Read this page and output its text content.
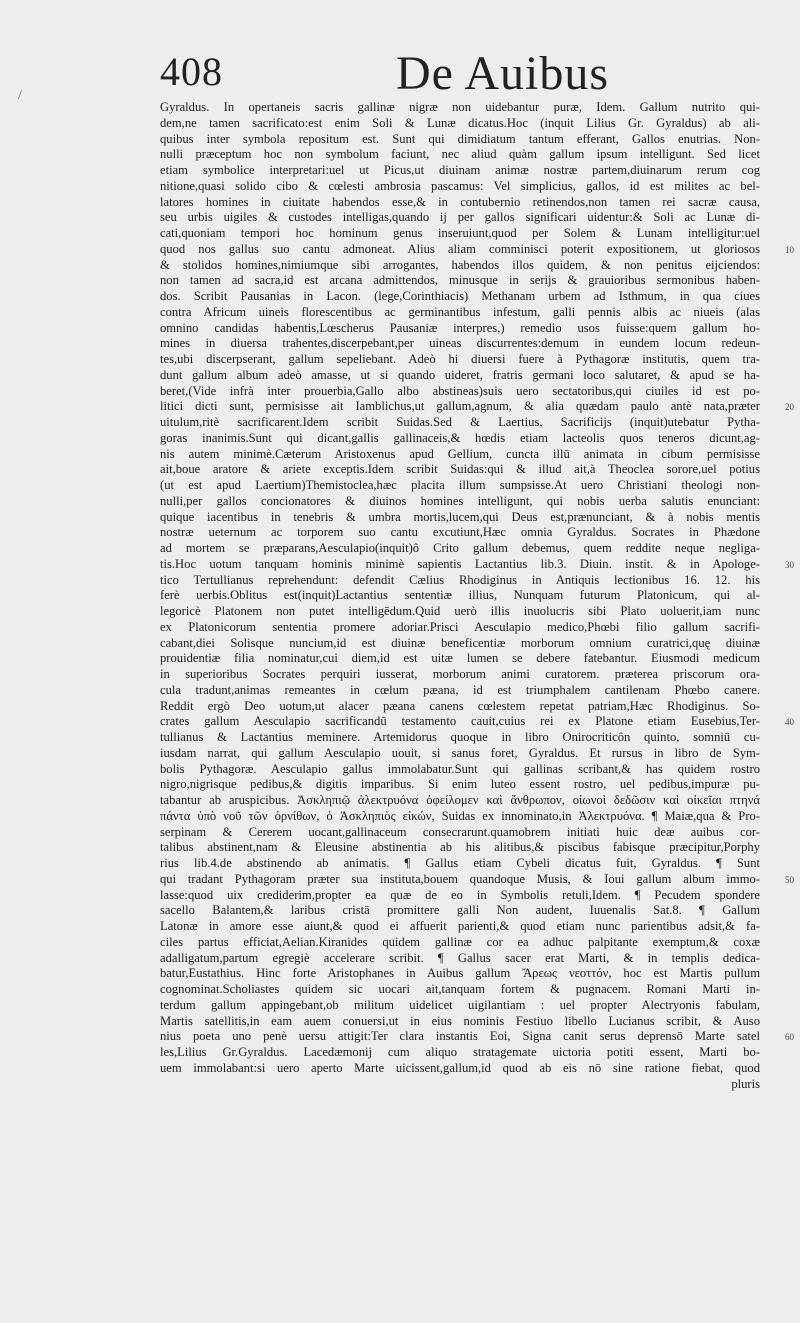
/
408	De Auibus
Gyraldus. In opertaneis sacris gallinæ nigræ non uidebantur puræ, Idem. Gallum nutrito qui-
dem,ne tamen sacrificato:est enim Soli & Lunæ dicatus.Hoc (inquit Lilius Gr. Gyraldus) ab ali-
quibus inter symbola repositum est. Sunt qui dimidiatum tantum efferant, Gallos enutrias. Non-
nulli præceptum hoc non symbolum faciunt, nec aliud quàm gallum ipsum intelligunt. Sed licet
etiam symbolice interpretari:uel ut Picus,ut diuinam animæ nostræ partem,diuinarum rerum cog
nitione,quasi solido cibo & cœlesti ambrosia pascamus: Vel simplicius, gallos, id est milites ac bel-
latores homines in ciuitate habendos esse,& in contubernio retinendos,non tamen rei sacræ causa,
seu urbis uigiles & custodes intelligas,quando ij per gallos significari uidentur:& Soli ac Lunæ di-
cati,quoniam tempori hoc hominum genus inseruiunt,quod per Solem & Lunam intelligitur:uel
quod nos gallus suo cantu admoneat. Alius aliam comminisci poterit expositionem, ut gloriosos
& stolidos homines,nimiumque sibi arrogantes, habendos illos quidem, & non penitus eijciendos:
non tamen ad sacra,id est arcana admittendos, minusque in serijs & grauioribus sermonibus haben-
dos. Scribit Pausanias in Lacon. (lege,Corinthiacis) Methanam urbem ad Isthmum, in qua ciues
contra Africum uineis florescentibus ac germinantibus infestum, galli pennis albis ac niueis (alas
omnino candidas habentis,Lœscherus Pausaniæ interpres,) remedio usos fuisse:quem gallum ho-
mines in diuersa trahentes,discerpebant,per uineas discurrentes:demum in eundem locum redeun-
tes,ubi discerpserant, gallum sepeliebant. Adeò hi diuersi fuere à Pythagoræ institutis, quem tra-
dunt gallum album adeò amasse, ut si quando uideret, fratris germani loco salutaret, & apud se ha-
beret,(Vide infrà inter prouerbia,Gallo albo abstineas)suis uero sectatoribus,qui ciuiles id est po-
litici dicti sunt, permisisse ait Iamblichus,ut gallum,agnum, & alia quædam paulo antè nata,præter
uitulum,ritè sacrificarent.Idem scribit Suidas.Sed & Laertius, Sacrificijs (inquit)utebatur Pytha-
goras inanimis.Sunt qui dicant,gallis gallinaceis,& hœdis etiam lacteolis quos teneros dicunt,ag-
nis autem minimè.Cæterum Aristoxenus apud Gellium, cuncta illū animata in cibum permisisse
ait,boue aratore & ariete exceptis.Idem scribit Suidas:qui & illud ait,à Theoclea sorore,uel potius
(ut est apud Laertium)Themistoclea,hæc placita illum sumpsisse.At uero Christiani theologi non-
nulli,per gallos concionatores & diuinos homines intelligunt, qui nobis uerba salutis enunciant:
quique iacentibus in tenebris & umbra mortis,lucem,qui Deus est,prænunciant, & à nobis mentis
nostræ ueternum ac torporem suo cantu excutiunt,Hæc omnia Gyraldus. Socrates in Phædone
ad mortem se præparans,Aesculapio(inquit)ô Crito gallum debemus, quem reddite neque negliga-
tis.Hoc uotum tanquam hominis minimè sapientis Lactantius lib.3. Diuin. instit. & in Apologe-
tico Tertullianus reprehendunt: defendit Cælius Rhodiginus in Antiquis lectionibus 16. 12. his
ferè uerbis.Oblitus est(inquit)Lactantius sententiæ illius, Nunquam futurum Platonicum, qui al-
legoricè Platonem non putet intelligēdum.Quid uerò illis inuolucris sibi Plato uoluerit,iam nunc
ex Platonicorum sententia promere adoriar.Prisci Aesculapio medico,Phœbi filio gallum sacrifi-
cabant,diei Solisque nuncium,id est diuinæ beneficentiæ morborum omnium curatrici,quę diuinæ
prouidentiæ filia nominatur,cui diem,id est uitæ lumen se debere fatebantur. Eiusmodi medicum
in superioribus Socrates perquiri iusserat, morborum animi curatorem. præterea priscorum ora-
cula tradunt,animas remeantes in cœlum pæana, id est triumphalem cantilenam Phœbo canere.
Reddit ergò Deo uotum,ut alacer pæana canens cœlestem repetat patriam,Hæc Rhodiginus. So-
crates gallum Aesculapio sacrificandū testamento cauit,cuius rei ex Platone etiam Eusebius,Ter-
tullianus & Lactantius meminere. Artemidorus quoque in libro Onirocriticôn quinto, somniū cu-
iusdam narrat, qui gallum Aesculapio uouit, si sanus foret, Gyraldus. Et rursus in libro de Sym-
bolis Pythagoræ. Aesculapio gallus immolabatur.Sunt qui gallinas scribant,& has quidem rostro
nigro,nigrisque pedibus,& digitis imparibus. Si enim luteo essent rostro, uel pedibus,impuræ pu-
tabantur ab aruspicibus. Ἀσκληπιῷ ἀλεκτρυόνα ὀφείλομεν καὶ ἄνθρωπον, οἰωνοὶ δεδῶσιν καὶ οἰκεῖαι πτηνά
πάντα ὑπὸ νοῦ τῶν ὀρνίθων, ὁ Ἀσκληπιὸς εἰκών, Suidas ex innominato,in Ἀλεκτρυόνα. ¶ Maiæ,qua & Pro-
serpinam & Cererem uocant,gallinaceum consecrarunt.quamobrem initiati huic deæ auibus cor-
talibus abstinent,nam & Eleusine abstinentia ab his alitibus,& piscibus fabisque præcipitur,Porphy
rius lib.4.de abstinendo ab animatis. ¶ Gallus etiam Cybeli dicatus fuit, Gyraldus. ¶ Sunt
qui tradant Pythagoram præter sua instituta,bouem quandoque Musis, & Ioui gallum album immo-
lasse:quod uix crediderim,propter ea quæ de eo in Symbolis retuli,Idem. ¶ Pecudem spondere
sacello Balantem,& laribus cristā promittere galli Non audent, Iuuenalis Sat.8. ¶ Gallum
Latonæ in amore esse aiunt,& quod ei affuerit parienti,& quod etiam nunc parientibus adsit,& fa-
ciles partus efficiat,Aelian.Kiranides quidem gallinæ cor ea adhuc palpitante exemptum,& coxæ
adalligatum,partum egregiè accelerare scribit. ¶ Gallus sacer erat Marti, & in templis dedica-
batur,Eustathius. Hinc forte Aristophanes in Auibus gallum Ἄρεως νεοττόν, hoc est Martis pullum
cognominat.Scholiastes quidem sic uocari ait,tanquam fortem & pugnacem. Romani Marti in-
terdum gallum appingebant,ob militum uidelicet uigilantiam : uel propter Alectryonis fabulam,
Martis satellitis,in eam auem conuersi,ut in eius nominis Festiuo libello Lucianus scribit, & Auso
nius poeta uno penè uersu attigit:Ter clara instantis Eoi, Signa canit serus deprensō Marte satel
les,Lilius Gr.Gyraldus. Lacedæmonij cum aliquo stratagemate uictoria potiti essent, Marti bo-
uem immolabant:si uero aperto Marte uicissent,gallum,id quod ab eis nō sine ratione fiebat, quod
pluris
10
20
30
40
50
60
